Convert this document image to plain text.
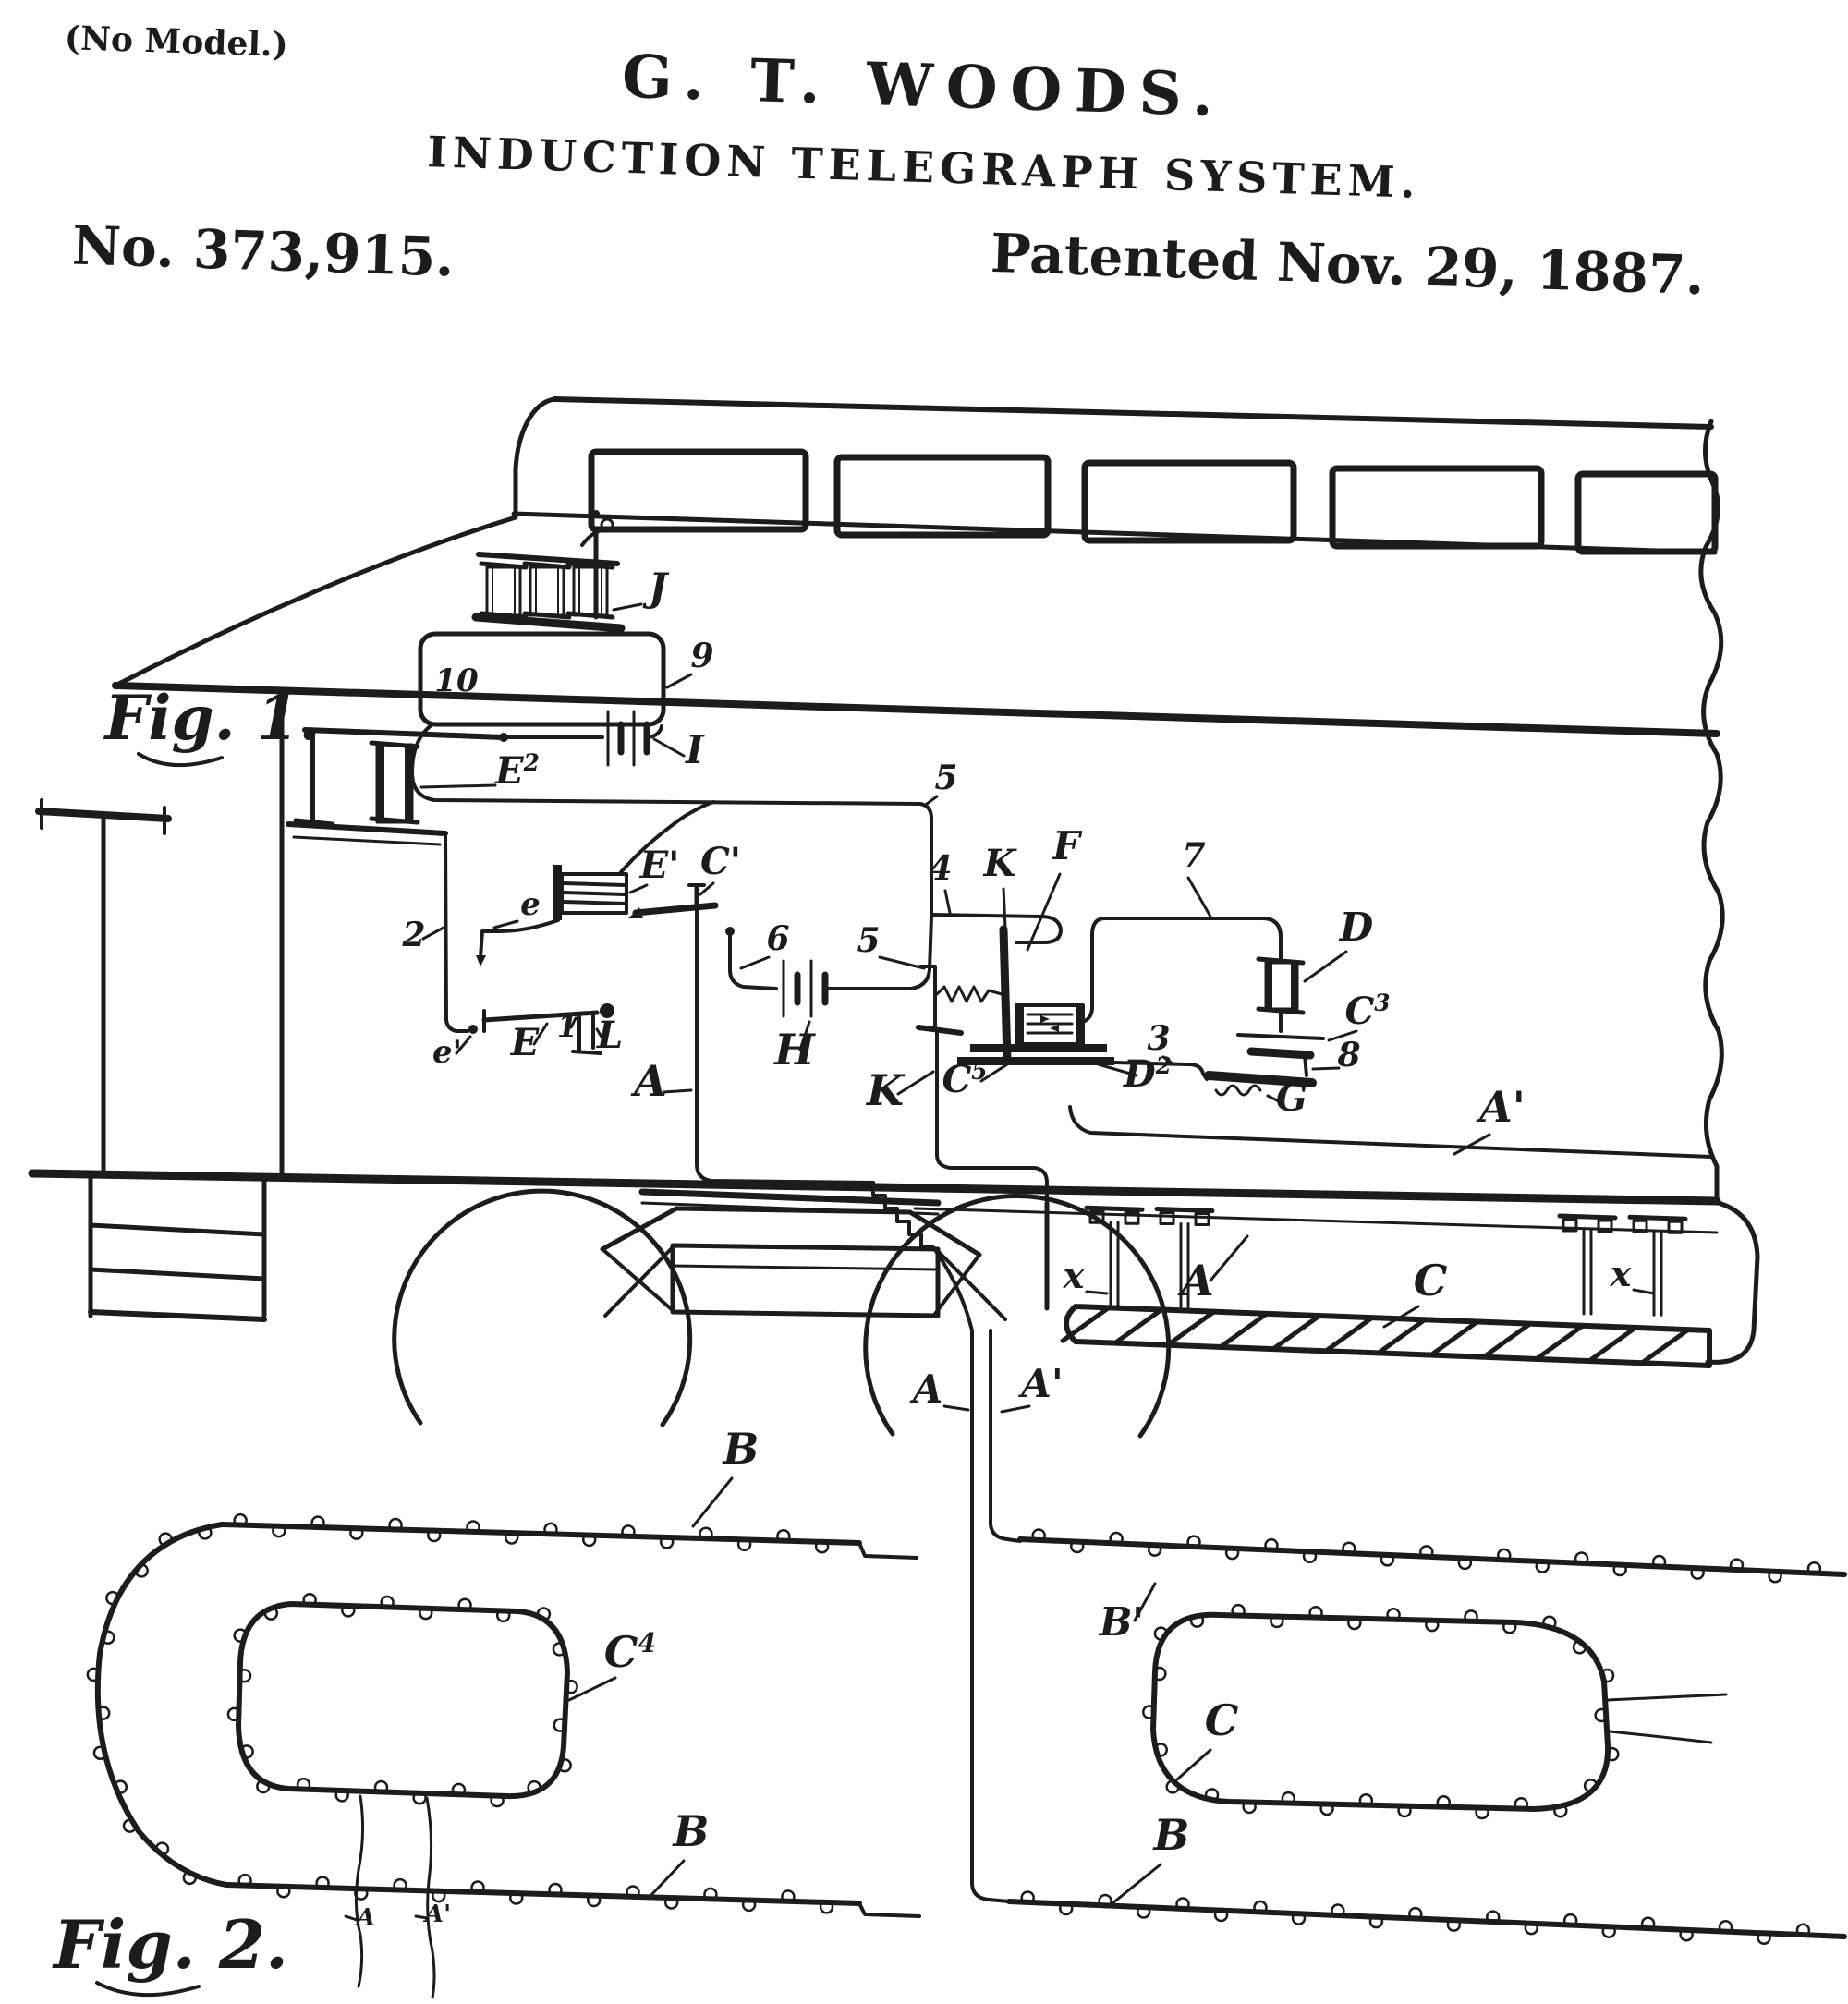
(No Model.)
G. T. WOODS.
INDUCTION TELEGRAPH SYSTEM.
No. 373,915.	Patented Nov. 29, 1887.
J
10
9
I
$E^2$
2
E' C'
e
e' E 1 L
5
5
6
H
4 K F	7
D
$C^5$	$D^2$
3
$C^3$
8
G
A	K	A'
A
x	x
C
Fig. 1.
B
A A'
B'
$C^4$
C
B	B
A A'
Fig. 2.
